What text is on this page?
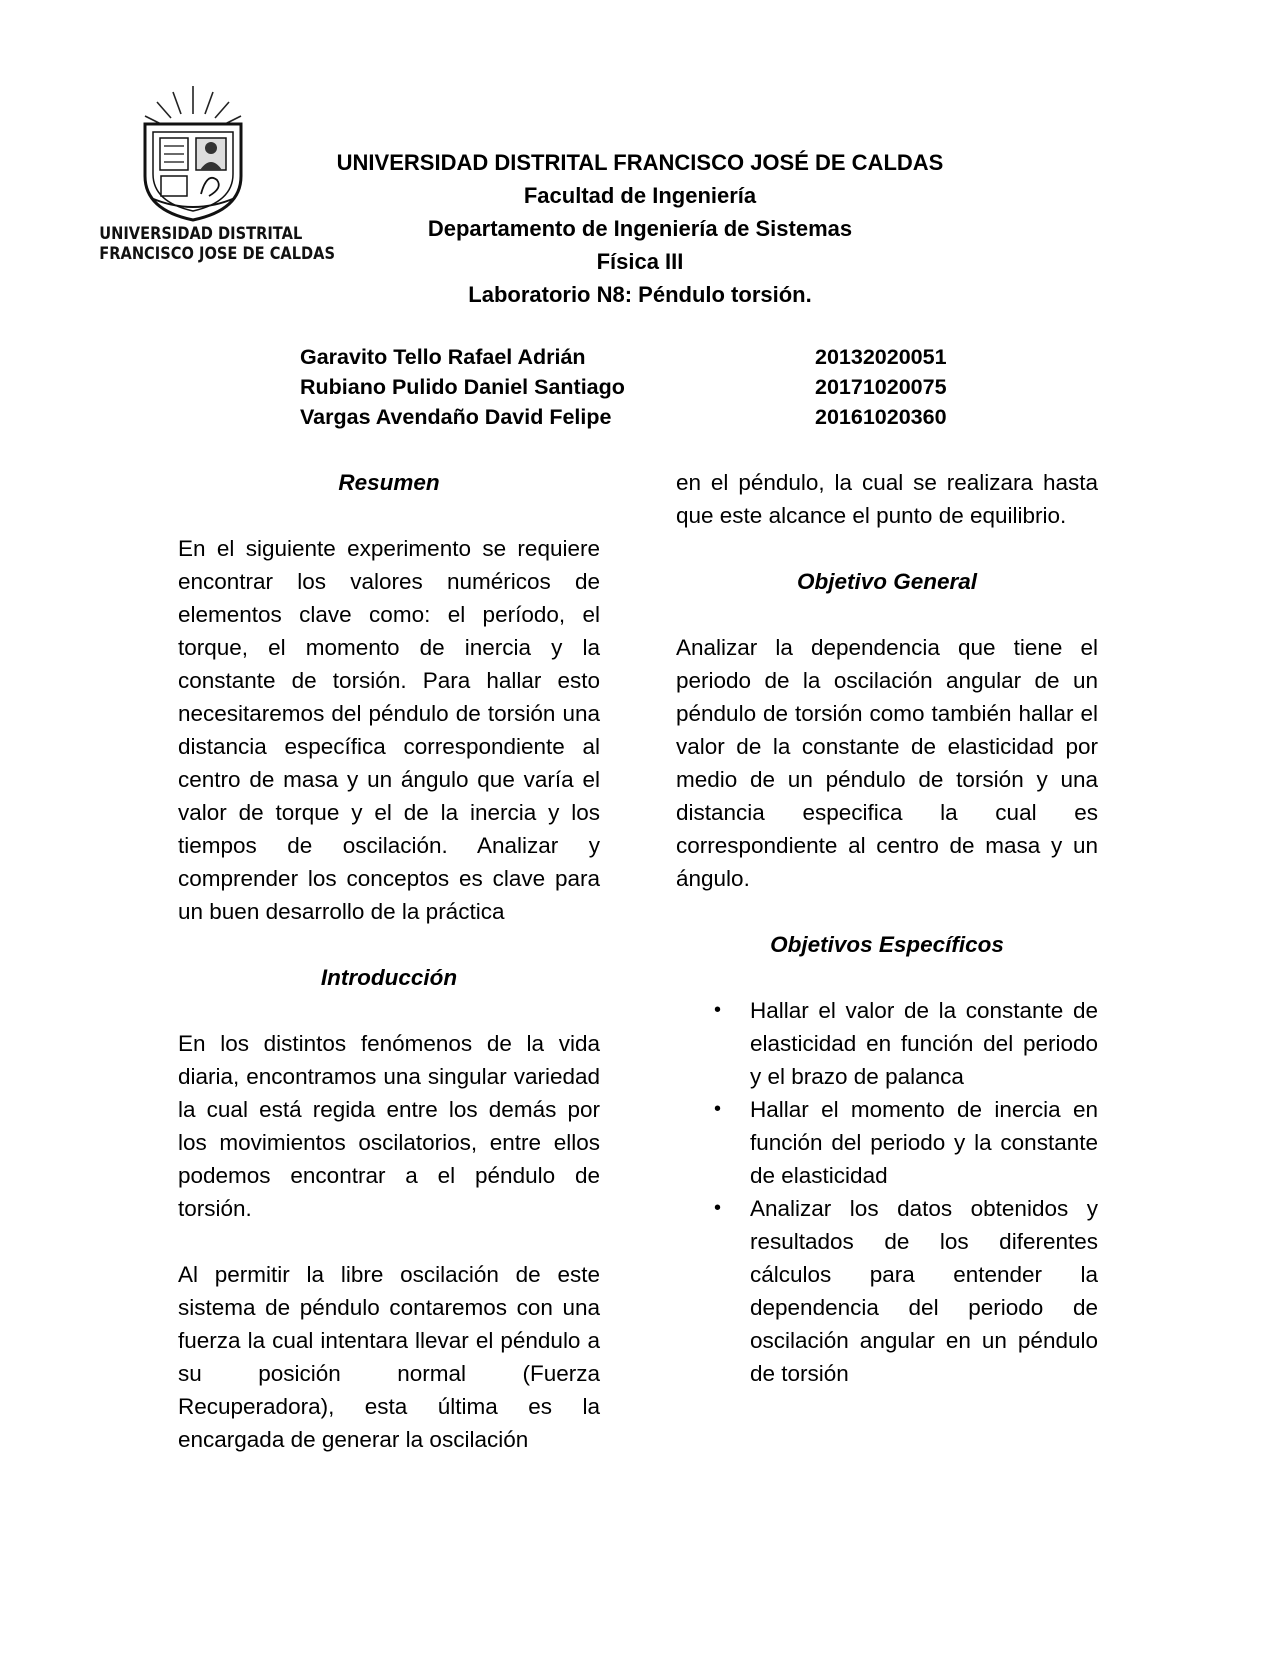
UNIVERSIDAD DISTRITAL
FRANCISCO JOSE DE CALDAS
UNIVERSIDAD DISTRITAL FRANCISCO JOSÉ DE CALDAS
Facultad de Ingeniería
Departamento de Ingeniería de Sistemas
Física III
Laboratorio N8: Péndulo torsión.
Garavito Tello Rafael Adrián	20132020051
Rubiano Pulido Daniel Santiago	20171020075
Vargas Avendaño David Felipe	20161020360
Resumen
En el siguiente experimento se requiere encontrar los valores numéricos de elementos clave como: el período, el torque, el momento de inercia y la constante de torsión. Para hallar esto necesitaremos del péndulo de torsión una distancia específica correspondiente al centro de masa y un ángulo que varía el valor de torque y el de la inercia y los tiempos de oscilación. Analizar y comprender los conceptos es clave para un buen desarrollo de la práctica
Introducción
En los distintos fenómenos de la vida diaria, encontramos una singular variedad la cual está regida entre los demás por los movimientos oscilatorios, entre ellos podemos encontrar a el péndulo de torsión.
Al permitir la libre oscilación de este sistema de péndulo contaremos con una fuerza la cual intentara llevar el péndulo a su posición normal (Fuerza Recuperadora), esta última es la encargada de generar la oscilación
en el péndulo, la cual se realizara hasta que este alcance el punto de equilibrio.
Objetivo General
Analizar la dependencia que tiene el periodo de la oscilación angular de un péndulo de torsión como también hallar el valor de la constante de elasticidad por medio de un péndulo de torsión y una distancia especifica la cual es correspondiente al centro de masa y un ángulo.
Objetivos Específicos
• Hallar el valor de la constante de elasticidad en función del periodo y el brazo de palanca
• Hallar el momento de inercia en función del periodo y la constante de elasticidad
• Analizar los datos obtenidos y resultados de los diferentes cálculos para entender la dependencia del periodo de oscilación angular en un péndulo de torsión
